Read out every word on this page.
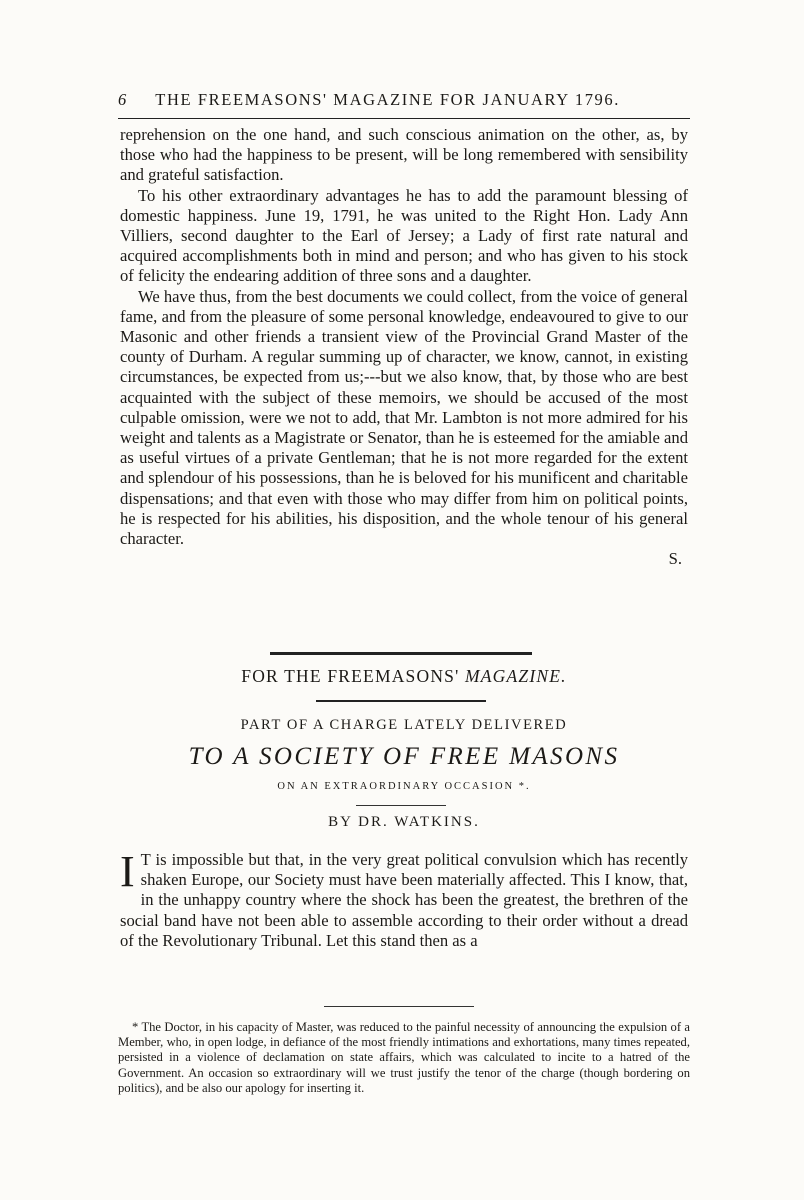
6 THE FREEMASONS' MAGAZINE FOR JANUARY 1796.

reprehension on the one hand, and such conscious animation on the other, as, by those who had the happiness to be present, will be long remembered with sensibility and grateful satisfaction.

To his other extraordinary advantages he has to add the paramount blessing of domestic happiness. June 19, 1791, he was united to the Right Hon. Lady Ann Villiers, second daughter to the Earl of Jersey; a Lady of first rate natural and acquired accomplishments both in mind and person; and who has given to his stock of felicity the endearing addition of three sons and a daughter.

We have thus, from the best documents we could collect, from the voice of general fame, and from the pleasure of some personal knowledge, endeavoured to give to our Masonic and other friends a transient view of the Provincial Grand Master of the county of Durham. A regular summing up of character, we know, cannot, in existing circumstances, be expected from us;---but we also know, that, by those who are best acquainted with the subject of these memoirs, we should be accused of the most culpable omission, were we not to add, that Mr. Lambton is not more admired for his weight and talents as a Magistrate or Senator, than he is esteemed for the amiable and as useful virtues of a private Gentleman; that he is not more regarded for the extent and splendour of his possessions, than he is beloved for his munificent and charitable dispensations; and that even with those who may differ from him on political points, he is respected for his abilities, his disposition, and the whole tenour of his general character.

S.

FOR THE FREEMASONS' MAGAZINE.
PART OF A CHARGE LATELY DELIVERED
TO A SOCIETY OF FREE MASONS
ON AN EXTRAORDINARY OCCASION *.
BY DR. WATKINS.

I T is impossible but that, in the very great political convulsion which has recently shaken Europe, our Society must have been materially affected. This I know, that, in the unhappy country where the shock has been the greatest, the brethren of the social band have not been able to assemble according to their order without a dread of the Revolutionary Tribunal. Let this stand then as a

* The Doctor, in his capacity of Master, was reduced to the painful necessity of announcing the expulsion of a Member, who, in open lodge, in defiance of the most friendly intimations and exhortations, many times repeated, persisted in a violence of declamation on state affairs, which was calculated to incite to a hatred of the Government. An occasion so extraordinary will we trust justify the tenor of the charge (though bordering on politics), and be also our apology for inserting it.
